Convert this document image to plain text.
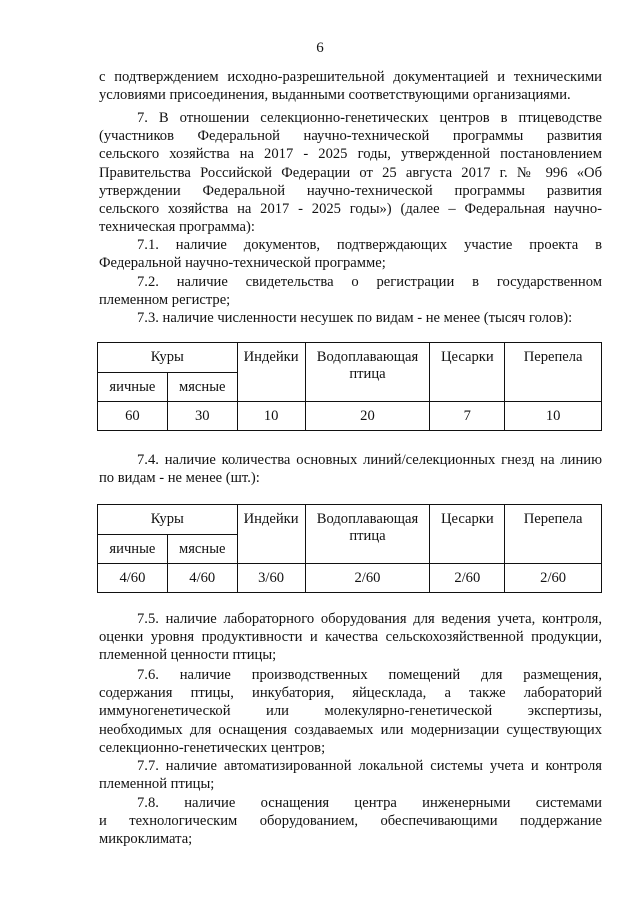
6
с подтверждением исходно-разрешительной документацией и техническими
условиями присоединения, выданными соответствующими организациями.
7. В отношении селекционно-генетических центров в птицеводстве
(участников Федеральной научно-технической программы развития
сельского хозяйства на 2017 - 2025 годы, утвержденной постановлением
Правительства Российской Федерации от 25 августа 2017 г. № 996 «Об
утверждении Федеральной научно-технической программы развития
сельского хозяйства на 2017 - 2025 годы») (далее – Федеральная научно-
техническая программа):
7.1. наличие документов, подтверждающих участие проекта в
Федеральной научно-технической программе;
7.2. наличие свидетельства о регистрации в государственном
племенном регистре;
7.3. наличие численности несушек по видам - не менее (тысяч голов):
Куры		Индейки	Водоплавающая птица	Цесарки	Перепела
яичные	мясные				
60	30	10	20	7	10
7.4. наличие количества основных линий/селекционных гнезд на линию
по видам - не менее (шт.):
Куры		Индейки	Водоплавающая птица	Цесарки	Перепела
яичные	мясные				
4/60	4/60	3/60	2/60	2/60	2/60
7.5. наличие лабораторного оборудования для ведения учета, контроля,
оценки уровня продуктивности и качества сельскохозяйственной продукции,
племенной ценности птицы;
7.6. наличие производственных помещений для размещения,
содержания птицы, инкубатория, яйцесклада, а также лабораторий
иммуногенетической или молекулярно-генетической экспертизы,
необходимых для оснащения создаваемых или модернизации существующих
селекционно-генетических центров;
7.7. наличие автоматизированной локальной системы учета и контроля
племенной птицы;
7.8. наличие оснащения центра инженерными системами
и технологическим оборудованием, обеспечивающими поддержание
микроклимата;
